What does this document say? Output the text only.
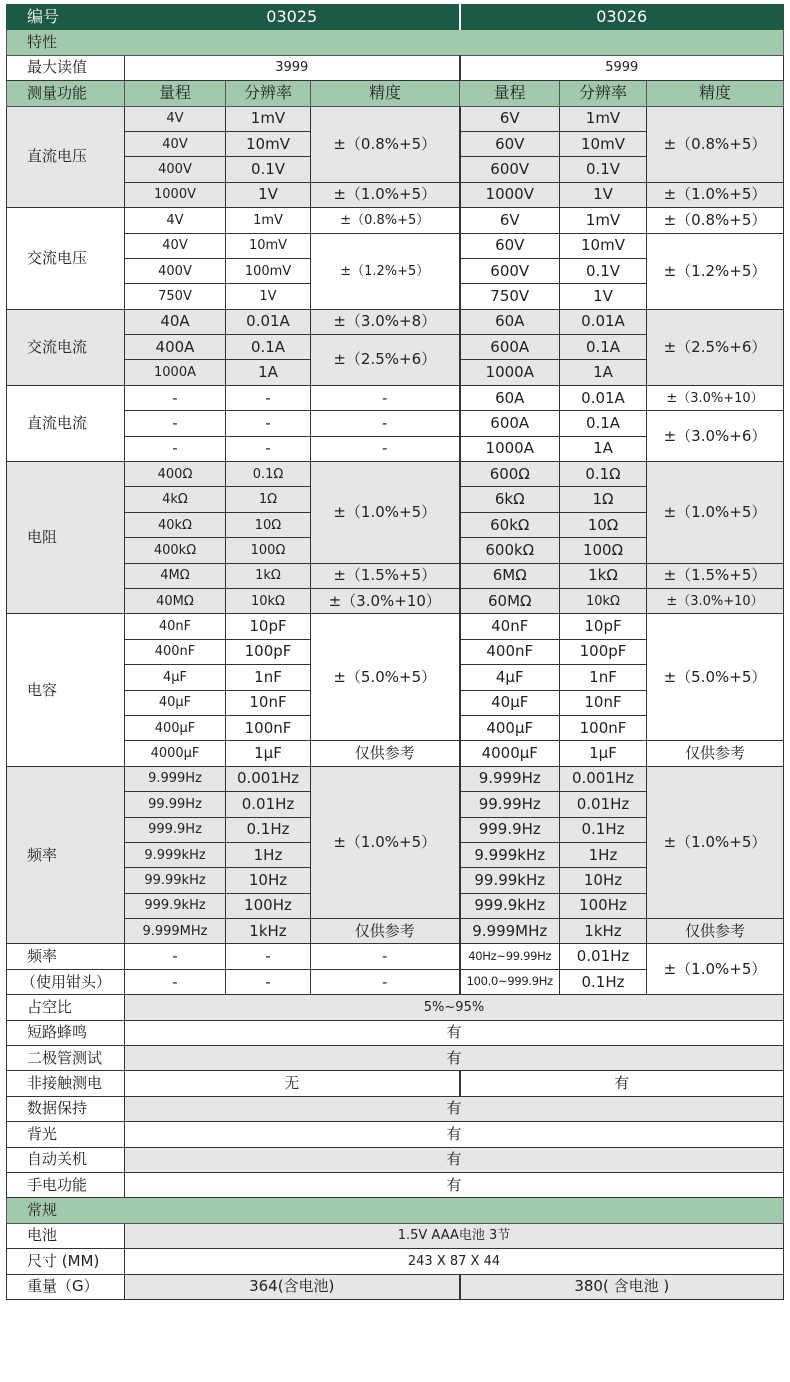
编号	03025			03026		
特性						
最大读值	3999			5999		
测量功能	量程	分辨率	精度	量程	分辨率	精度
直流电压	4V	1mV	±（0.8%+5）	6V	1mV	±（0.8%+5）
	40V	10mV		60V	10mV	
	400V	0.1V		600V	0.1V	
	1000V	1V	±（1.0%+5）	1000V	1V	±（1.0%+5）
交流电压	4V	1mV	±（0.8%+5）	6V	1mV	±（0.8%+5）
	40V	10mV	±（1.2%+5）	60V	10mV	±（1.2%+5）
	400V	100mV		600V	0.1V	
	750V	1V		750V	1V	
交流电流	40A	0.01A	±（3.0%+8）	60A	0.01A	±（2.5%+6）
	400A	0.1A	±（2.5%+6）	600A	0.1A	
	1000A	1A		1000A	1A	
直流电流	-	-	-	60A	0.01A	±（3.0%+10）
	-	-	-	600A	0.1A	±（3.0%+6）
	-	-	-	1000A	1A	
电阻	400Ω	0.1Ω	±（1.0%+5）	600Ω	0.1Ω	±（1.0%+5）
	4kΩ	1Ω		6kΩ	1Ω	
	40kΩ	10Ω		60kΩ	10Ω	
	400kΩ	100Ω		600kΩ	100Ω	
	4MΩ	1kΩ	±（1.5%+5）	6MΩ	1kΩ	±（1.5%+5）
	40MΩ	10kΩ	±（3.0%+10）	60MΩ	10kΩ	±（3.0%+10）
电容	40nF	10pF	±（5.0%+5）	40nF	10pF	±（5.0%+5）
	400nF	100pF		400nF	100pF	
	4μF	1nF		4μF	1nF	
	40μF	10nF		40μF	10nF	
	400μF	100nF		400μF	100nF	
	4000μF	1μF	仅供参考	4000μF	1μF	仅供参考
频率	9.999Hz	0.001Hz	±（1.0%+5）	9.999Hz	0.001Hz	±（1.0%+5）
	99.99Hz	0.01Hz		99.99Hz	0.01Hz	
	999.9Hz	0.1Hz		999.9Hz	0.1Hz	
	9.999kHz	1Hz		9.999kHz	1Hz	
	99.99kHz	10Hz		99.99kHz	10Hz	
	999.9kHz	100Hz		999.9kHz	100Hz	
	9.999MHz	1kHz	仅供参考	9.999MHz	1kHz	仅供参考
频率	-	-	-	40Hz~99.99Hz	0.01Hz	±（1.0%+5）
（使用钳头）	-	-	-	100.0~999.9Hz	0.1Hz	
占空比	5%~95%					
短路蜂鸣	有					
二极管测试	有					
非接触测电	无			有		
数据保持	有					
背光	有					
自动关机	有					
手电功能	有					
常规						
电池	1.5V AAA电池 3节					
尺寸 (MM)	243 X 87 X 44					
重量（G）	364(含电池)			380( 含电池 )		
